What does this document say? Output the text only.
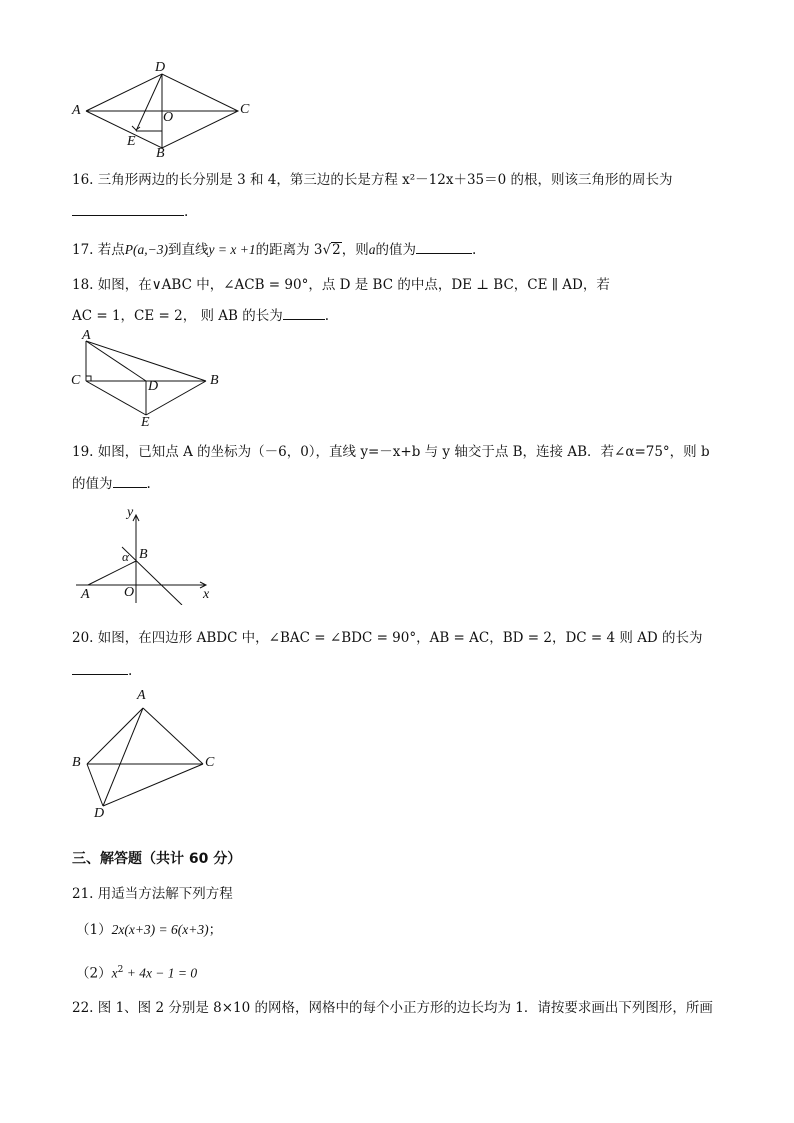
A
D
C
O
E
B
16. 三角形两边的长分别是 3 和 4，第三边的长是方程 x²－12x＋35＝0 的根，则该三角形的周长为
.
17. 若点P(a,−3)到直线y = x +1的距离为 3√2，则a的值为	.
18. 如图，在∨ABC 中，∠ACB = 90°，点 D 是 BC 的中点，DE ⊥ BC，CE ∥ AD，若
AC = 1，CE = 2， 则 AB 的长为	.
A
C	D	B
E
19. 如图，已知点 A 的坐标为（－6，0），直线 y=－x+b 与 y 轴交于点 B，连接 AB．若∠α=75°，则 b
的值为	.
y
x
α B
A O
20. 如图，在四边形 ABDC 中，∠BAC = ∠BDC = 90°，AB = AC，BD = 2，DC = 4 则 AD 的长为
.
A
B	C
D
三、解答题（共计 60 分）
21. 用适当方法解下列方程
（1）2x(x+3) = 6(x+3)；
$(2)x^2 + 4x - 1 = 0$
22. 图 1、图 2 分别是 8×10 的网格，网格中的每个小正方形的边长均为 1．请按要求画出下列图形，所画
